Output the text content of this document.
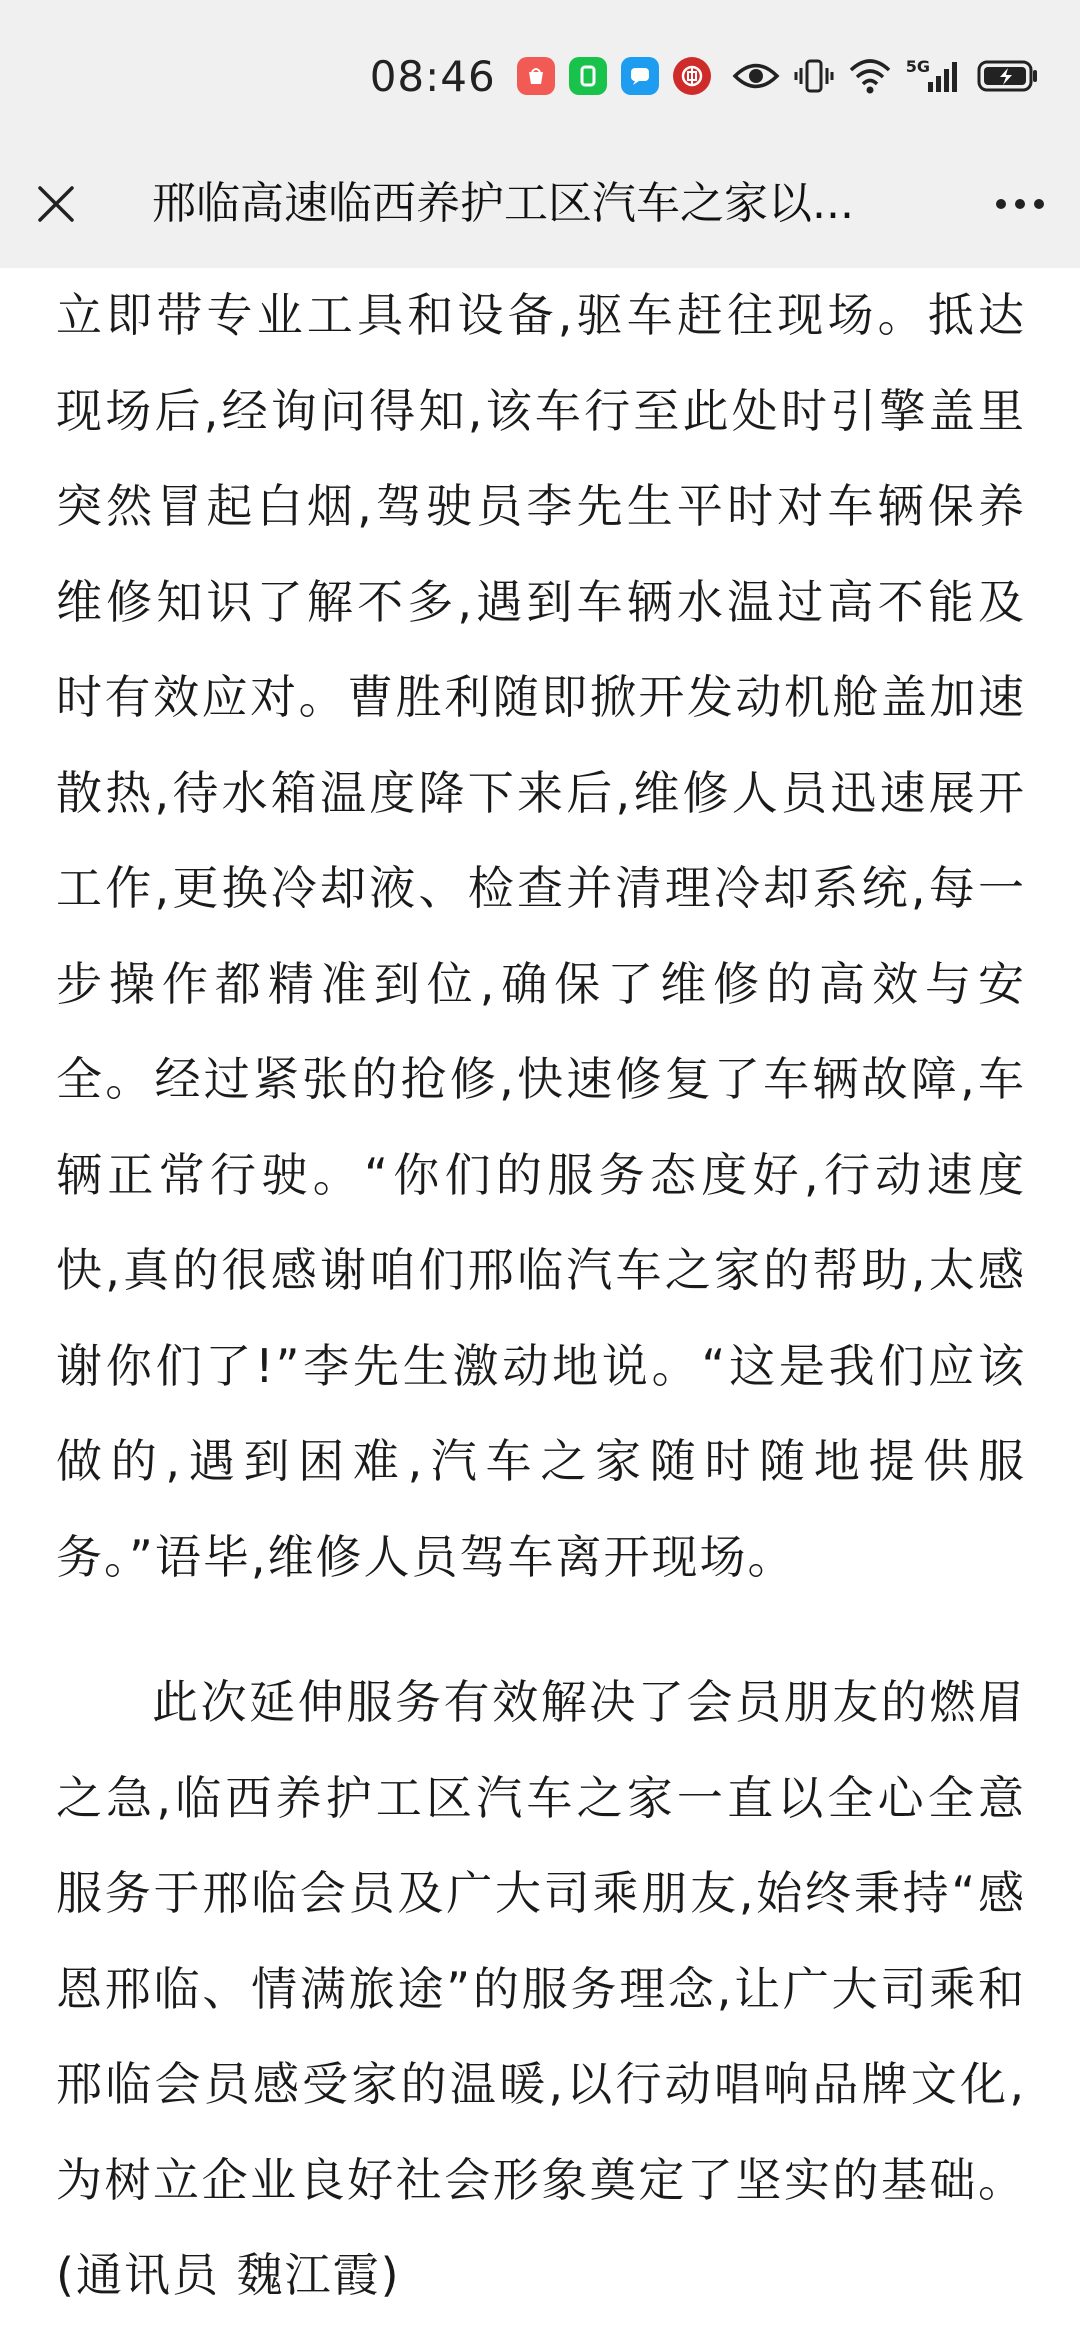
08:46	5G
邢临高速临西养护工区汽车之家以...

立即带专业工具和设备,驱车赶往现场。抵达现场后,经询问得知,该车行至此处时引擎盖里突然冒起白烟,驾驶员李先生平时对车辆保养维修知识了解不多,遇到车辆水温过高不能及时有效应对。曹胜利随即掀开发动机舱盖加速散热,待水箱温度降下来后,维修人员迅速展开工作,更换冷却液、检查并清理冷却系统,每一步操作都精准到位,确保了维修的高效与安全。经过紧张的抢修,快速修复了车辆故障,车辆正常行驶。“你们的服务态度好,行动速度快,真的很感谢咱们邢临汽车之家的帮助,太感谢你们了!”李先生激动地说。“这是我们应该做的,遇到困难,汽车之家随时随地提供服务。”语毕,维修人员驾车离开现场。

此次延伸服务有效解决了会员朋友的燃眉之急,临西养护工区汽车之家一直以全心全意服务于邢临会员及广大司乘朋友,始终秉持“感恩邢临、情满旅途”的服务理念,让广大司乘和邢临会员感受家的温暖,以行动唱响品牌文化,为树立企业良好社会形象奠定了坚实的基础。(通讯员 魏江霞)
